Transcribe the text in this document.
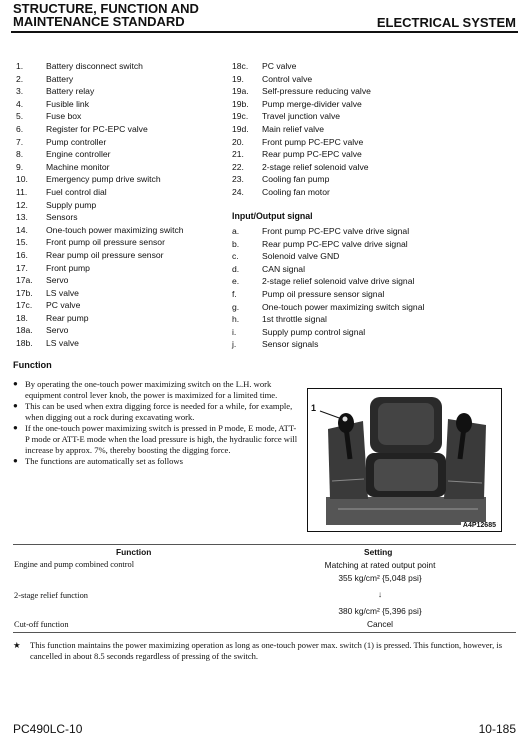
STRUCTURE, FUNCTION AND
MAINTENANCE STANDARD	ELECTRICAL SYSTEM
1.	Battery disconnect switch
2.	Battery
3.	Battery relay
4.	Fusible link
5.	Fuse box
6.	Register for PC-EPC valve
7.	Pump controller
8.	Engine controller
9.	Machine monitor
10.	Emergency pump drive switch
11.	Fuel control dial
12.	Supply pump
13.	Sensors
14.	One-touch power maximizing switch
15.	Front pump oil pressure sensor
16.	Rear pump oil pressure sensor
17.	Front pump
17a.	Servo
17b.	LS valve
17c.	PC valve
18.	Rear pump
18a.	Servo
18b.	LS valve
18c.	PC valve
19.	Control valve
19a.	Self-pressure reducing valve
19b.	Pump merge-divider valve
19c.	Travel junction valve
19d.	Main relief valve
20.	Front pump PC-EPC valve
21.	Rear pump PC-EPC valve
22.	2-stage relief solenoid valve
23.	Cooling fan pump
24.	Cooling fan motor
Input/Output signal
a.	Front pump PC-EPC valve drive signal
b.	Rear pump PC-EPC valve drive signal
c.	Solenoid valve GND
d.	CAN signal
e.	2-stage relief solenoid valve drive signal
f.	Pump oil pressure sensor signal
g.	One-touch power maximizing switch signal
h.	1st throttle signal
i.	Supply pump control signal
j.	Sensor signals
Function
● By operating the one-touch power maximizing switch on the L.H. work equipment control lever knob, the power is maximized for a limited time.
● This can be used when extra digging force is needed for a while, for example, when digging out a rock during excavating work.
● If the one-touch power maximizing switch is pressed in P mode, E mode, ATT-P mode or ATT-E mode when the load pressure is high, the hydraulic force will increase by approx. 7%, thereby boosting the digging force.
● The functions are automatically set as follows
1
A4P12685
Function	Setting
Engine and pump combined control	Matching at rated output point
355 kg/cm² {5,048 psi}
2-stage relief function	↓
380 kg/cm² {5,396 psi}
Cut-off function	Cancel
★	This function maintains the power maximizing operation as long as one-touch power max. switch (1) is pressed. This function, however, is cancelled in about 8.5 seconds regardless of pressing of the switch.
PC490LC-10	10-185
